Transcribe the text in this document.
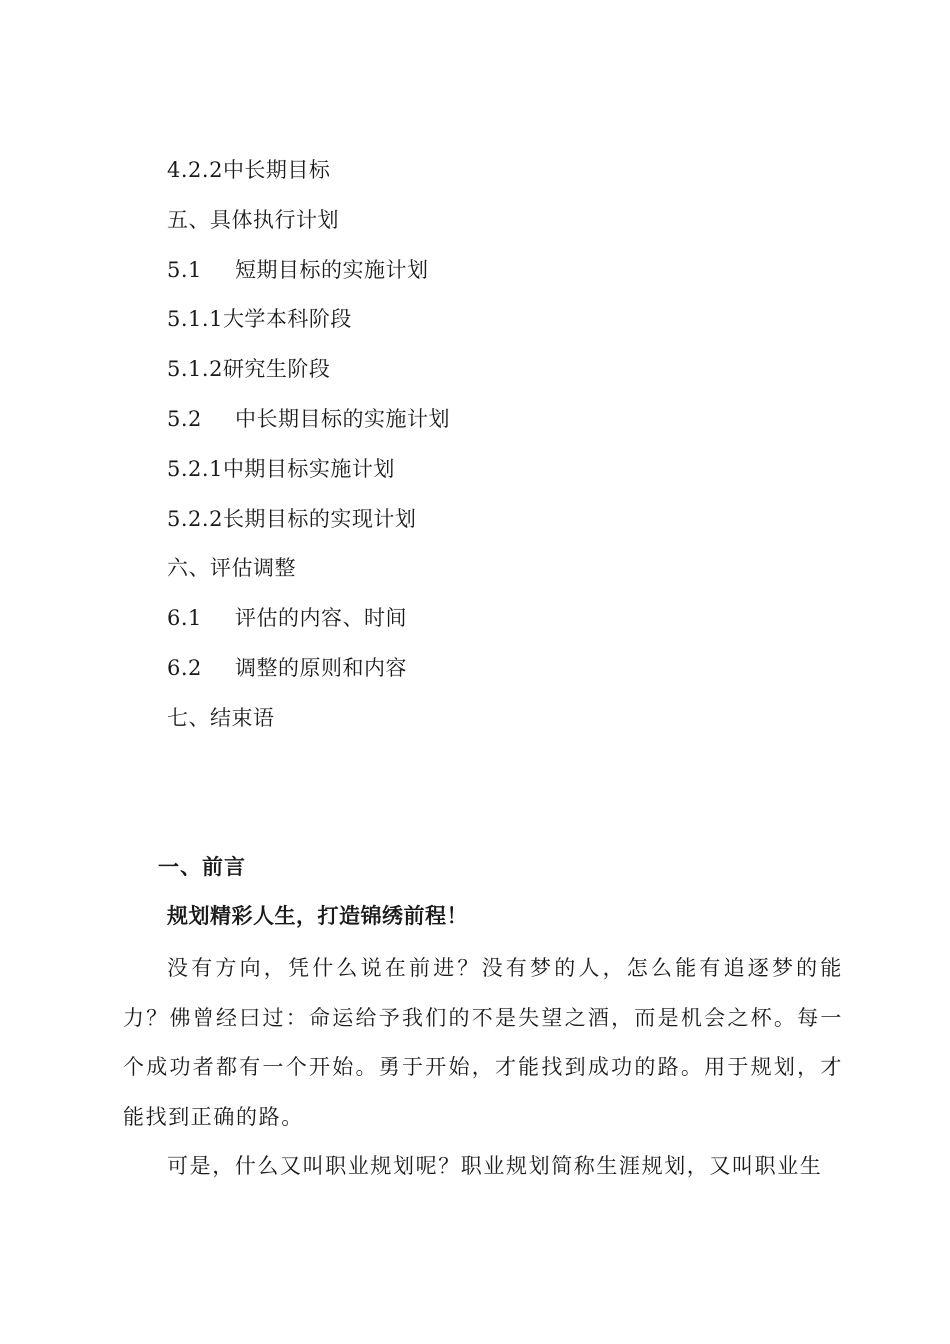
4.2.2中长期目标
五、具体执行计划
5.1 短期目标的实施计划
5.1.1大学本科阶段
5.1.2研究生阶段
5.2 中长期目标的实施计划
5.2.1中期目标实施计划
5.2.2长期目标的实现计划
六、评估调整
6.1 评估的内容、时间
6.2 调整的原则和内容
七、结束语
一、前言

规划精彩人生，打造锦绣前程！

没有方向，凭什么说在前进？没有梦的人，怎么能有追逐梦的能力？佛曾经曰过：命运给予我们的不是失望之酒，而是机会之杯。每一个成功者都有一个开始。勇于开始，才能找到成功的路。用于规划，才能找到正确的路。

可是，什么又叫职业规划呢？职业规划简称生涯规划，又叫职业生
